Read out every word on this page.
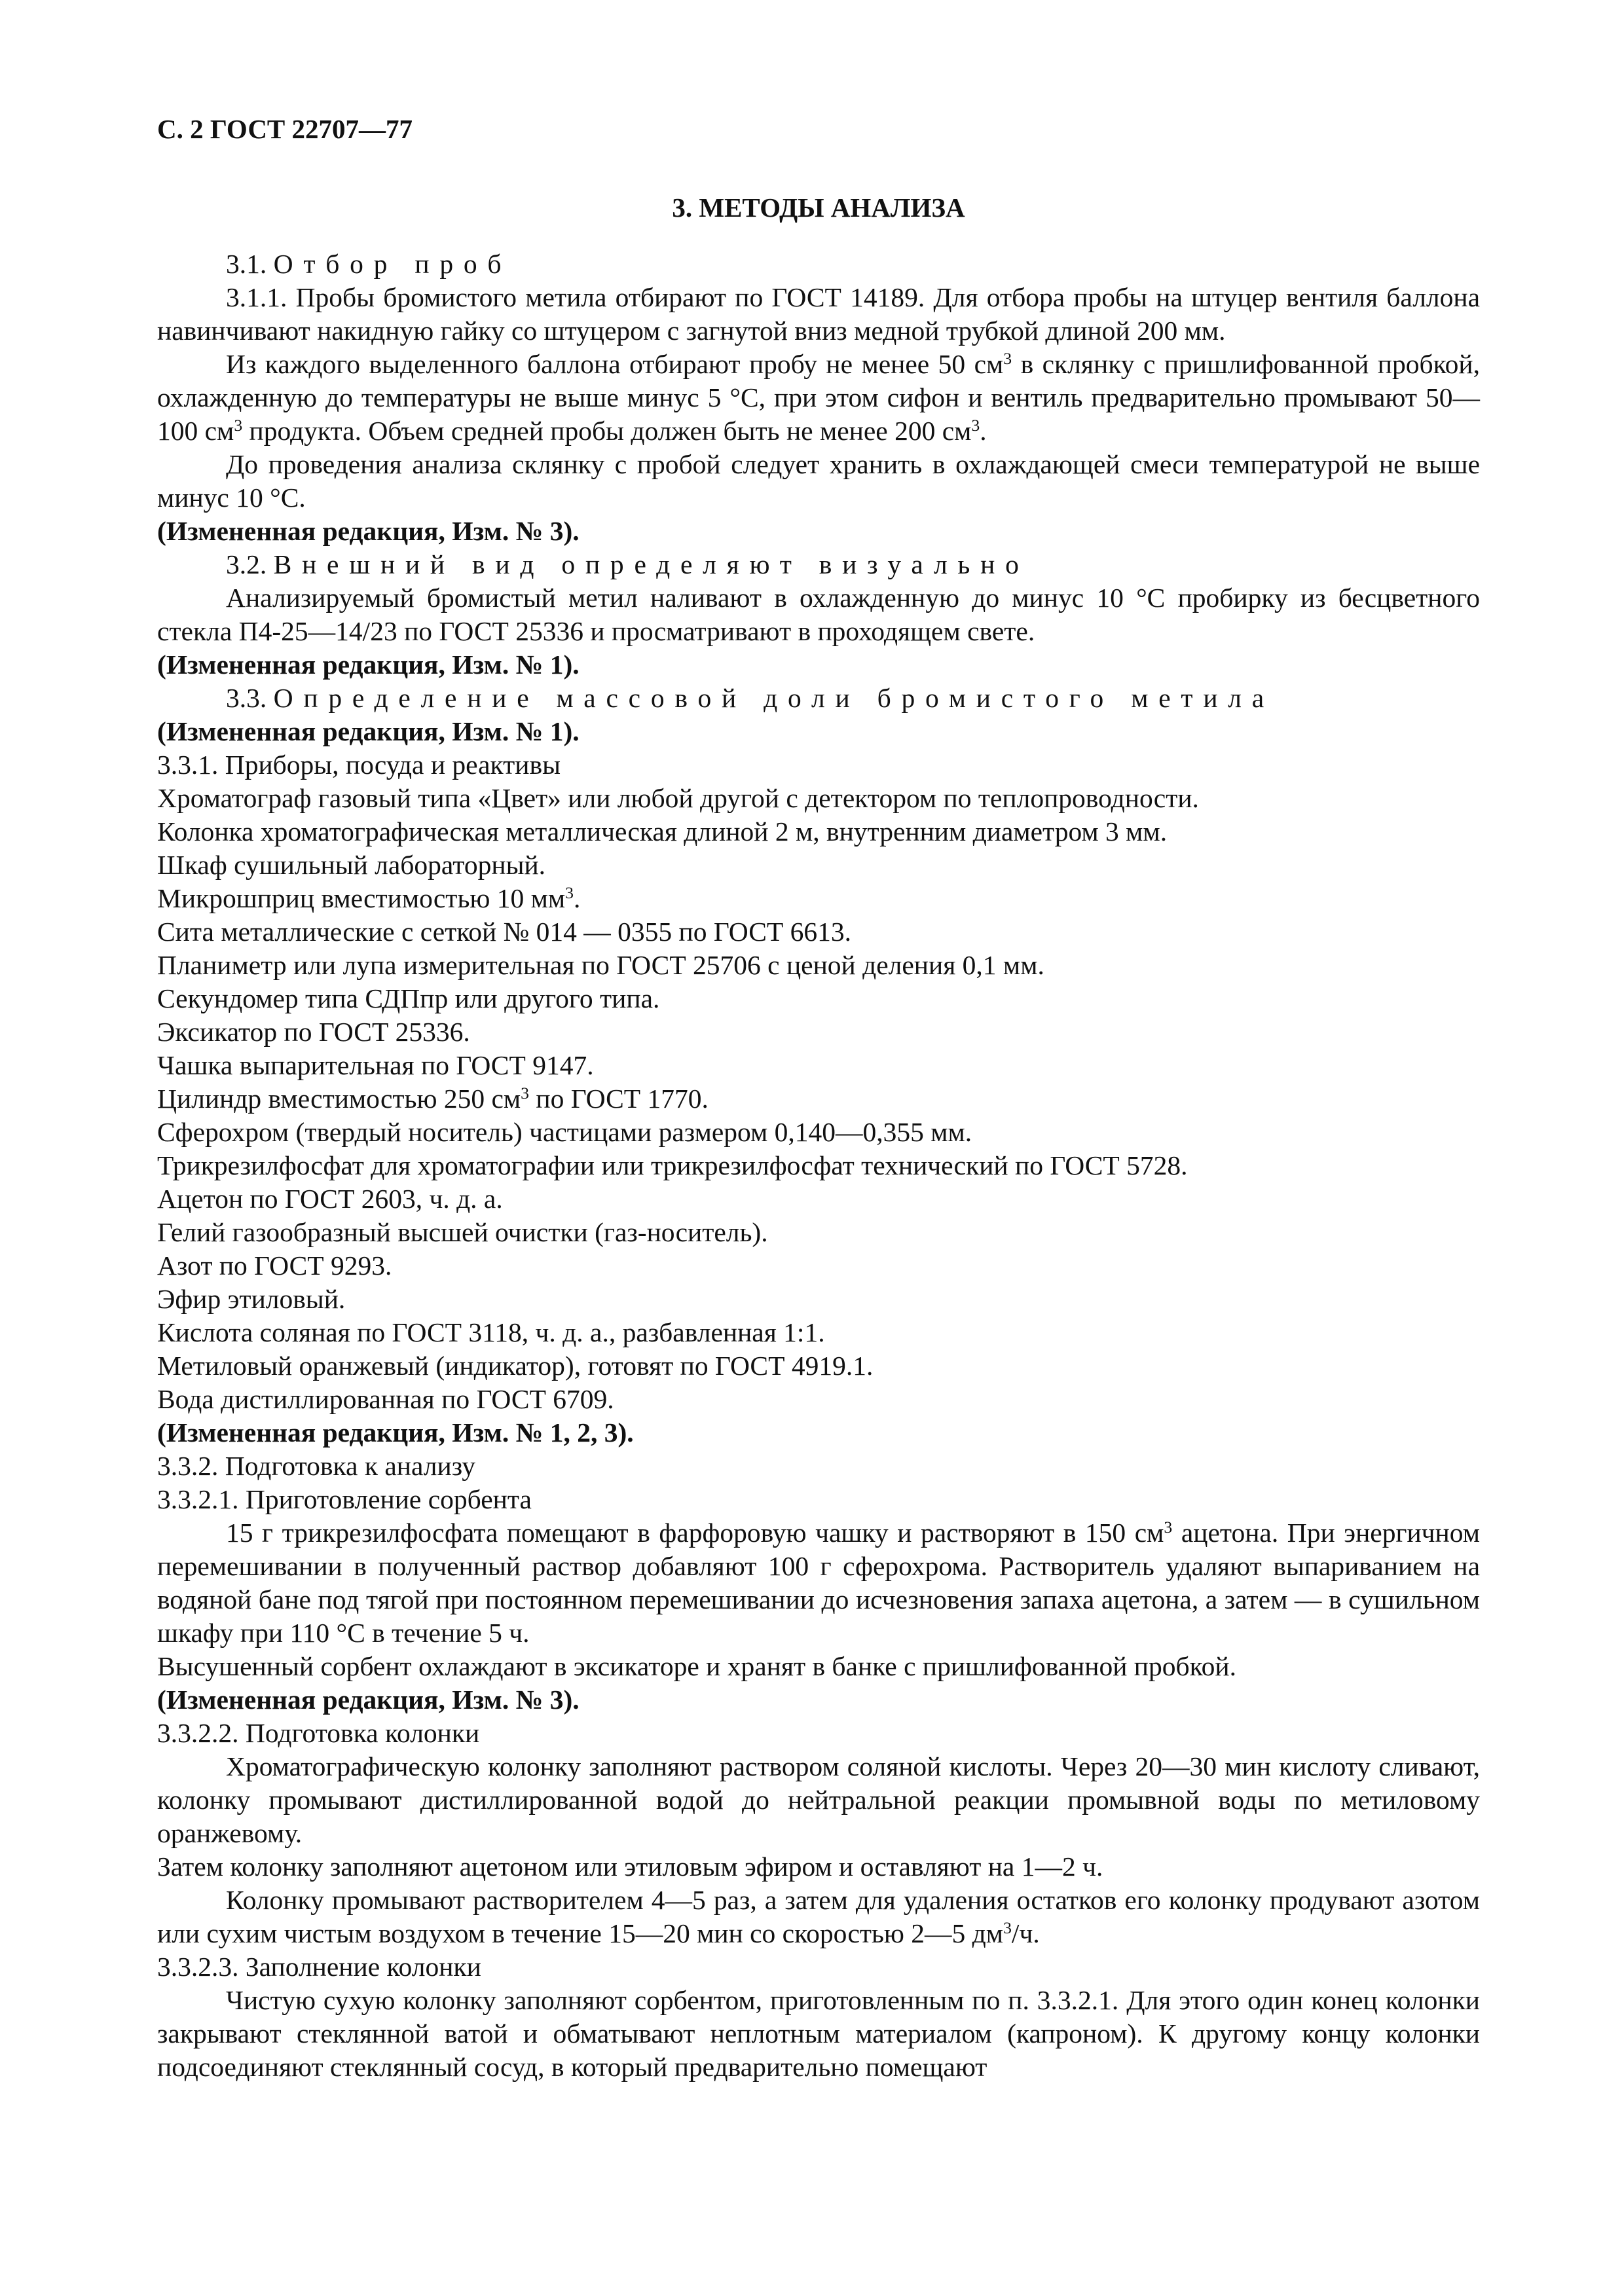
С. 2 ГОСТ 22707—77
3. МЕТОДЫ АНАЛИЗА

3.1. Отбор проб

3.1.1. Пробы бромистого метила отбирают по ГОСТ 14189. Для отбора пробы на штуцер вентиля баллона навинчивают накидную гайку со штуцером с загнутой вниз медной трубкой длиной 200 мм.

Из каждого выделенного баллона отбирают пробу не менее 50 $см^3$ в склянку с пришлифованной пробкой, охлажденную до температуры не выше минус 5 °С, при этом сифон и вентиль предварительно промывают 50—100 $см^3$ продукта. Объем средней пробы должен быть не менее 200 $см^3$.

До проведения анализа склянку с пробой следует хранить в охлаждающей смеси температурой не выше минус 10 °С.

(Измененная редакция, Изм. № 3).

3.2. Внешний вид определяют визуально

Анализируемый бромистый метил наливают в охлажденную до минус 10 °С пробирку из бесцветного стекла П4-25—14/23 по ГОСТ 25336 и просматривают в проходящем свете.

(Измененная редакция, Изм. № 1).

3.3. Определение массовой доли бромистого метила

(Измененная редакция, Изм. № 1).

3.3.1. Приборы, посуда и реактивы

Хроматограф газовый типа «Цвет» или любой другой с детектором по теплопроводности.

Колонка хроматографическая металлическая длиной 2 м, внутренним диаметром 3 мм.

Шкаф сушильный лабораторный.

Микрошприц вместимостью 10 $мм^3$.

Сита металлические с сеткой № 014 — 0355 по ГОСТ 6613.

Планиметр или лупа измерительная по ГОСТ 25706 с ценой деления 0,1 мм.

Секундомер типа СДПпр или другого типа.

Эксикатор по ГОСТ 25336.

Чашка выпарительная по ГОСТ 9147.

Цилиндр вместимостью 250 $см^3$ по ГОСТ 1770.

Сферохром (твердый носитель) частицами размером 0,140—0,355 мм.

Трикрезилфосфат для хроматографии или трикрезилфосфат технический по ГОСТ 5728.

Ацетон по ГОСТ 2603, ч. д. а.

Гелий газообразный высшей очистки (газ-носитель).

Азот по ГОСТ 9293.

Эфир этиловый.

Кислота соляная по ГОСТ 3118, ч. д. а., разбавленная 1:1.

Метиловый оранжевый (индикатор), готовят по ГОСТ 4919.1.

Вода дистиллированная по ГОСТ 6709.

(Измененная редакция, Изм. № 1, 2, 3).

3.3.2. Подготовка к анализу

3.3.2.1. Приготовление сорбента

15 г трикрезилфосфата помещают в фарфоровую чашку и растворяют в 150 $см^3$ ацетона. При энергичном перемешивании в полученный раствор добавляют 100 г сферохрома. Растворитель удаляют выпариванием на водяной бане под тягой при постоянном перемешивании до исчезновения запаха ацетона, а затем — в сушильном шкафу при 110 °С в течение 5 ч.

Высушенный сорбент охлаждают в эксикаторе и хранят в банке с пришлифованной пробкой.

(Измененная редакция, Изм. № 3).

3.3.2.2. Подготовка колонки

Хроматографическую колонку заполняют раствором соляной кислоты. Через 20—30 мин кислоту сливают, колонку промывают дистиллированной водой до нейтральной реакции промывной воды по метиловому оранжевому.

Затем колонку заполняют ацетоном или этиловым эфиром и оставляют на 1—2 ч.

Колонку промывают растворителем 4—5 раз, а затем для удаления остатков его колонку продувают азотом или сухим чистым воздухом в течение 15—20 мин со скоростью 2—5 $дм^3/ч$.

3.3.2.3. Заполнение колонки

Чистую сухую колонку заполняют сорбентом, приготовленным по п. 3.3.2.1. Для этого один конец колонки закрывают стеклянной ватой и обматывают неплотным материалом (капроном). К другому концу колонки подсоединяют стеклянный сосуд, в который предварительно помещают
